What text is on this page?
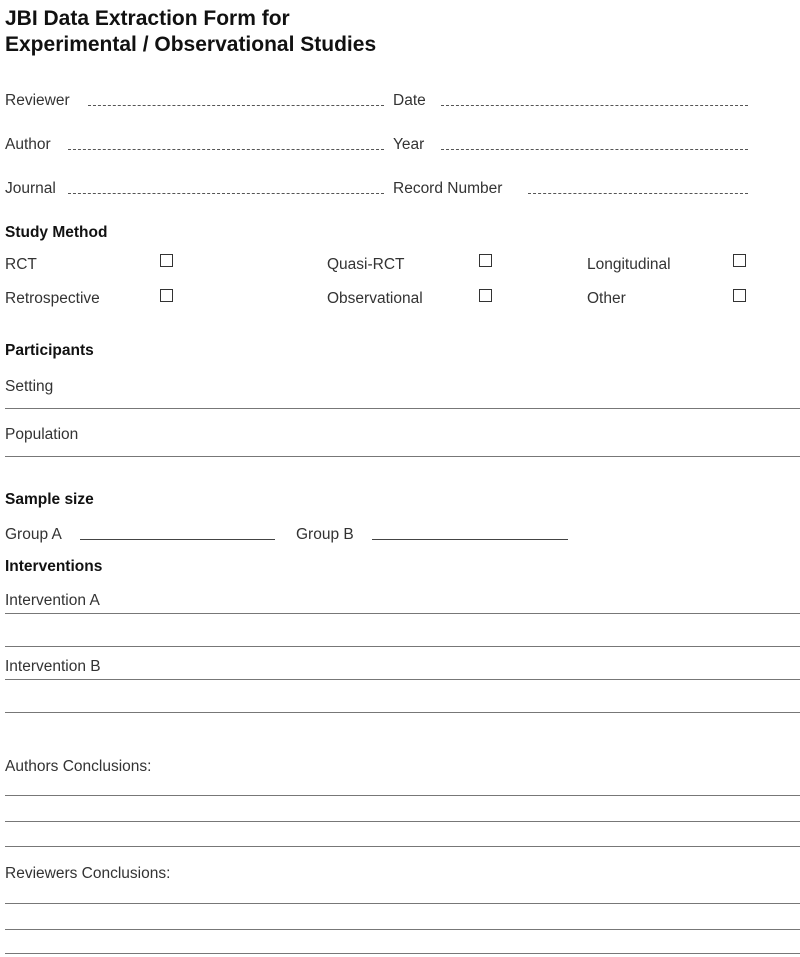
JBI Data Extraction Form for
Experimental / Observational Studies
Reviewer	Date
Author	Year
Journal	Record Number
Study Method
RCT	Quasi-RCT	Longitudinal
Retrospective	Observational	Other
Participants
Setting
Population
Sample size
Group A	Group B
Interventions
Intervention A
Intervention B
Authors Conclusions:
Reviewers Conclusions:
